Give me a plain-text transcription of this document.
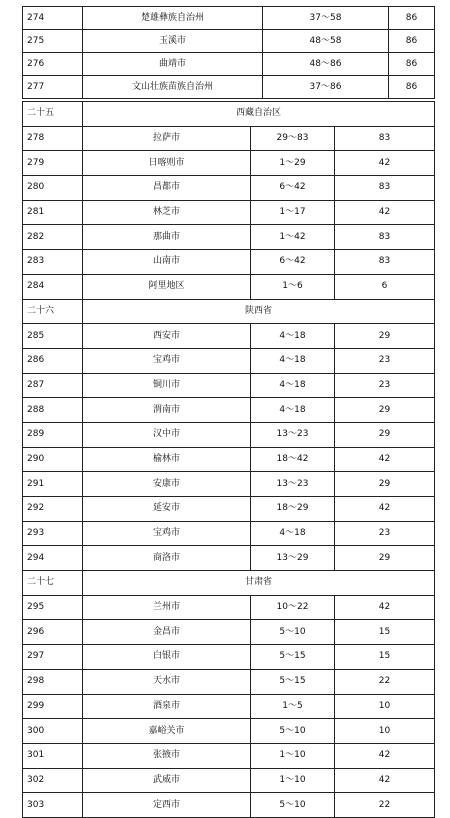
274	楚雄彝族自治州	37～58	86
275	玉溪市	48～58	86
276	曲靖市	48～86	86
277	文山壮族苗族自治州	37～86	86
二十五	西藏自治区		
278	拉萨市	29～83	83
279	日喀则市	1～29	42
280	昌都市	6～42	83
281	林芝市	1～17	42
282	那曲市	1～42	83
283	山南市	6～42	83
284	阿里地区	1～6	6
二十六	陕西省		
285	西安市	4～18	29
286	宝鸡市	4～18	23
287	铜川市	4～18	23
288	渭南市	4～18	29
289	汉中市	13～23	29
290	榆林市	18～42	42
291	安康市	13～23	29
292	延安市	18～29	42
293	宝鸡市	4～18	23
294	商洛市	13～29	29
二十七	甘肃省		
295	兰州市	10～22	42
296	金昌市	5～10	15
297	白银市	5～15	15
298	天水市	5～15	22
299	酒泉市	1～5	10
300	嘉峪关市	5～10	10
301	张掖市	1～10	42
302	武威市	1～10	42
303	定西市	5～10	22
